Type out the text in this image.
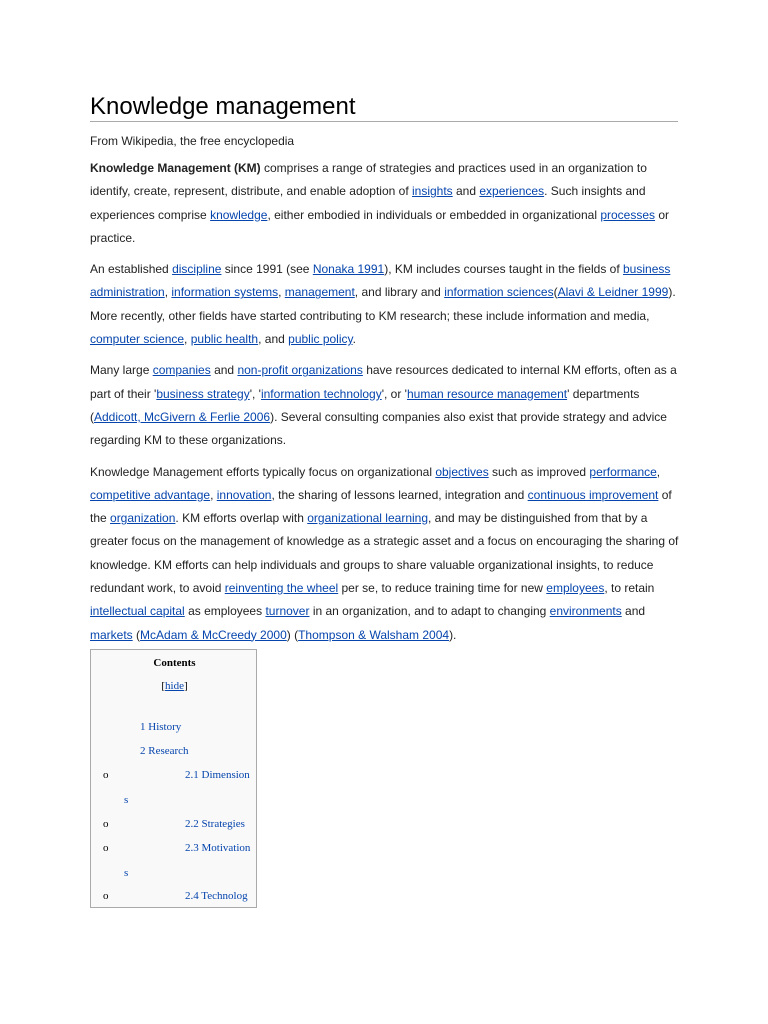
Knowledge management
From Wikipedia, the free encyclopedia

Knowledge Management (KM) comprises a range of strategies and practices used in an organization to identify, create, represent, distribute, and enable adoption of insights and experiences. Such insights and experiences comprise knowledge, either embodied in individuals or embedded in organizational processes or practice.

An established discipline since 1991 (see Nonaka 1991), KM includes courses taught in the fields of business administration, information systems, management, and library and information sciences(Alavi & Leidner 1999). More recently, other fields have started contributing to KM research; these include information and media, computer science, public health, and public policy.

Many large companies and non-profit organizations have resources dedicated to internal KM efforts, often as a part of their 'business strategy', 'information technology', or 'human resource management' departments (Addicott, McGivern & Ferlie 2006). Several consulting companies also exist that provide strategy and advice regarding KM to these organizations.

Knowledge Management efforts typically focus on organizational objectives such as improved performance, competitive advantage, innovation, the sharing of lessons learned, integration and continuous improvement of the organization. KM efforts overlap with organizational learning, and may be distinguished from that by a greater focus on the management of knowledge as a strategic asset and a focus on encouraging the sharing of knowledge. KM efforts can help individuals and groups to share valuable organizational insights, to reduce redundant work, to avoid reinventing the wheel per se, to reduce training time for new employees, to retain intellectual capital as employees turnover in an organization, and to adapt to changing environments and markets (McAdam & McCreedy 2000) (Thompson & Walsham 2004).

Contents
[hide]
1 History
2 Research
o	2.1 Dimension
s
o	2.2 Strategies
o	2.3 Motivation
s
o	2.4 Technolog
